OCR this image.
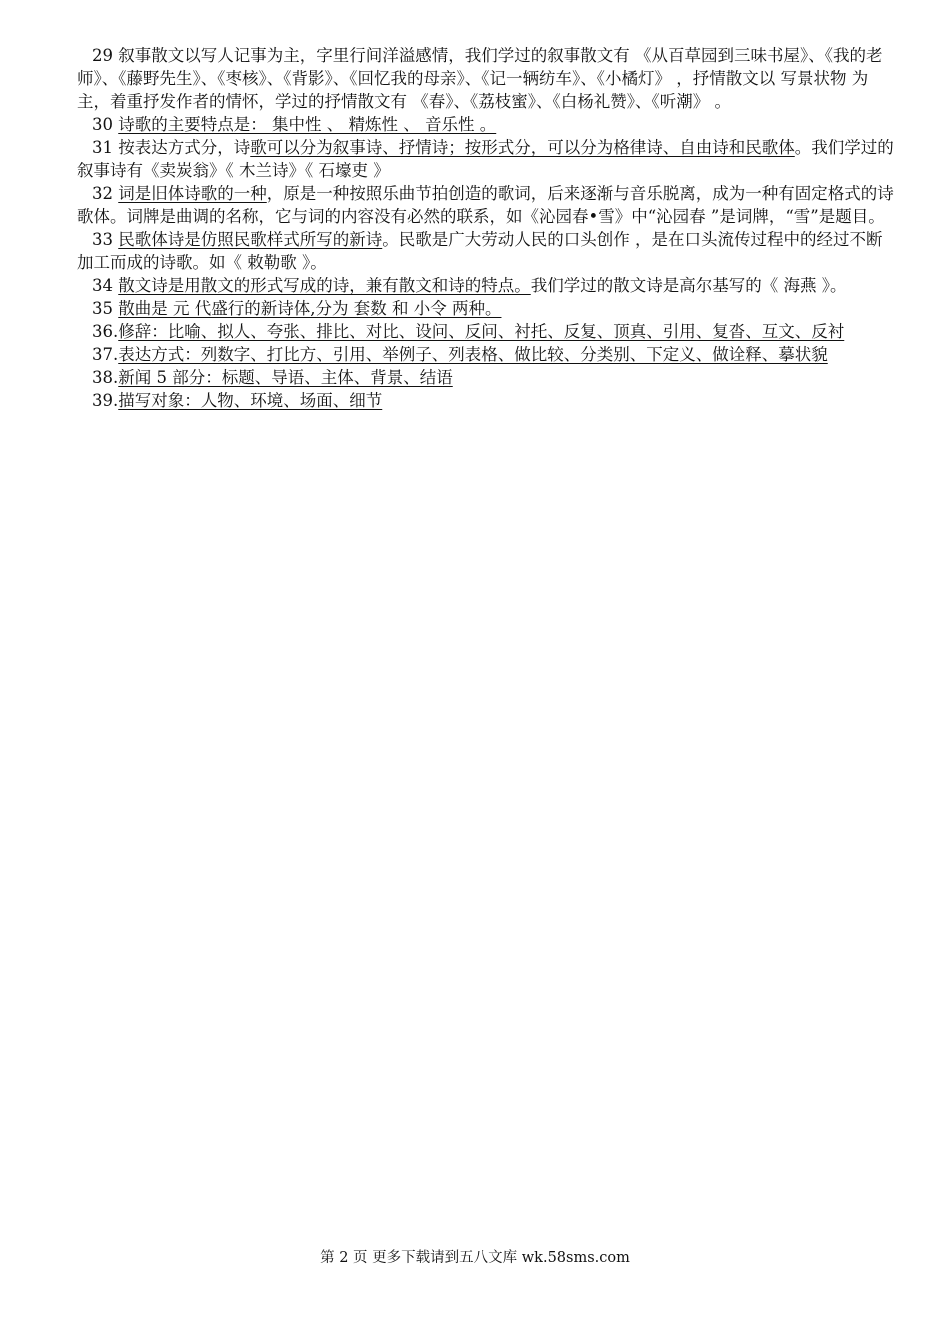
29 叙事散文以写人记事为主，字里行间洋溢感情，我们学过的叙事散文有 《从百草园到三味书屋》、《我的老师》、《藤野先生》、《枣核》、《背影》、《回忆我的母亲》、《记一辆纺车》、《小橘灯》 ，抒情散文以 写景状物 为主，着重抒发作者的情怀，学过的抒情散文有 《春》、《荔枝蜜》、《白杨礼赞》、《听潮》 。

30 诗歌的主要特点是： 集中性 、 精炼性 、 音乐性 。

31 按表达方式分，诗歌可以分为叙事诗、抒情诗；按形式分，可以分为格律诗、自由诗和民歌体。我们学过的叙事诗有《卖炭翁》《 木兰诗》《 石壕吏 》

32 词是旧体诗歌的一种，原是一种按照乐曲节拍创造的歌词，后来逐渐与音乐脱离，成为一种有固定格式的诗歌体。词牌是曲调的名称，它与词的内容没有必然的联系，如《沁园春•雪》中“沁园春 ”是词牌，“雪”是题目。

33 民歌体诗是仿照民歌样式所写的新诗。民歌是广大劳动人民的口头创作 ，是在口头流传过程中的经过不断加工而成的诗歌。如《 敕勒歌 》。

34 散文诗是用散文的形式写成的诗，兼有散文和诗的特点。我们学过的散文诗是高尔基写的《 海燕 》。

35 散曲是 元 代盛行的新诗体,分为 套数 和 小令 两种。

36.修辞：比喻、拟人、夸张、排比、对比、设问、反问、衬托、反复、顶真、引用、复沓、互文、反衬

37.表达方式：列数字、打比方、引用、举例子、列表格、做比较、分类别、下定义、做诠释、摹状貌

38.新闻 5 部分：标题、导语、主体、背景、结语

39.描写对象：人物、环境、场面、细节

第 2 页 更多下载请到五八文库 wk.58sms.com
